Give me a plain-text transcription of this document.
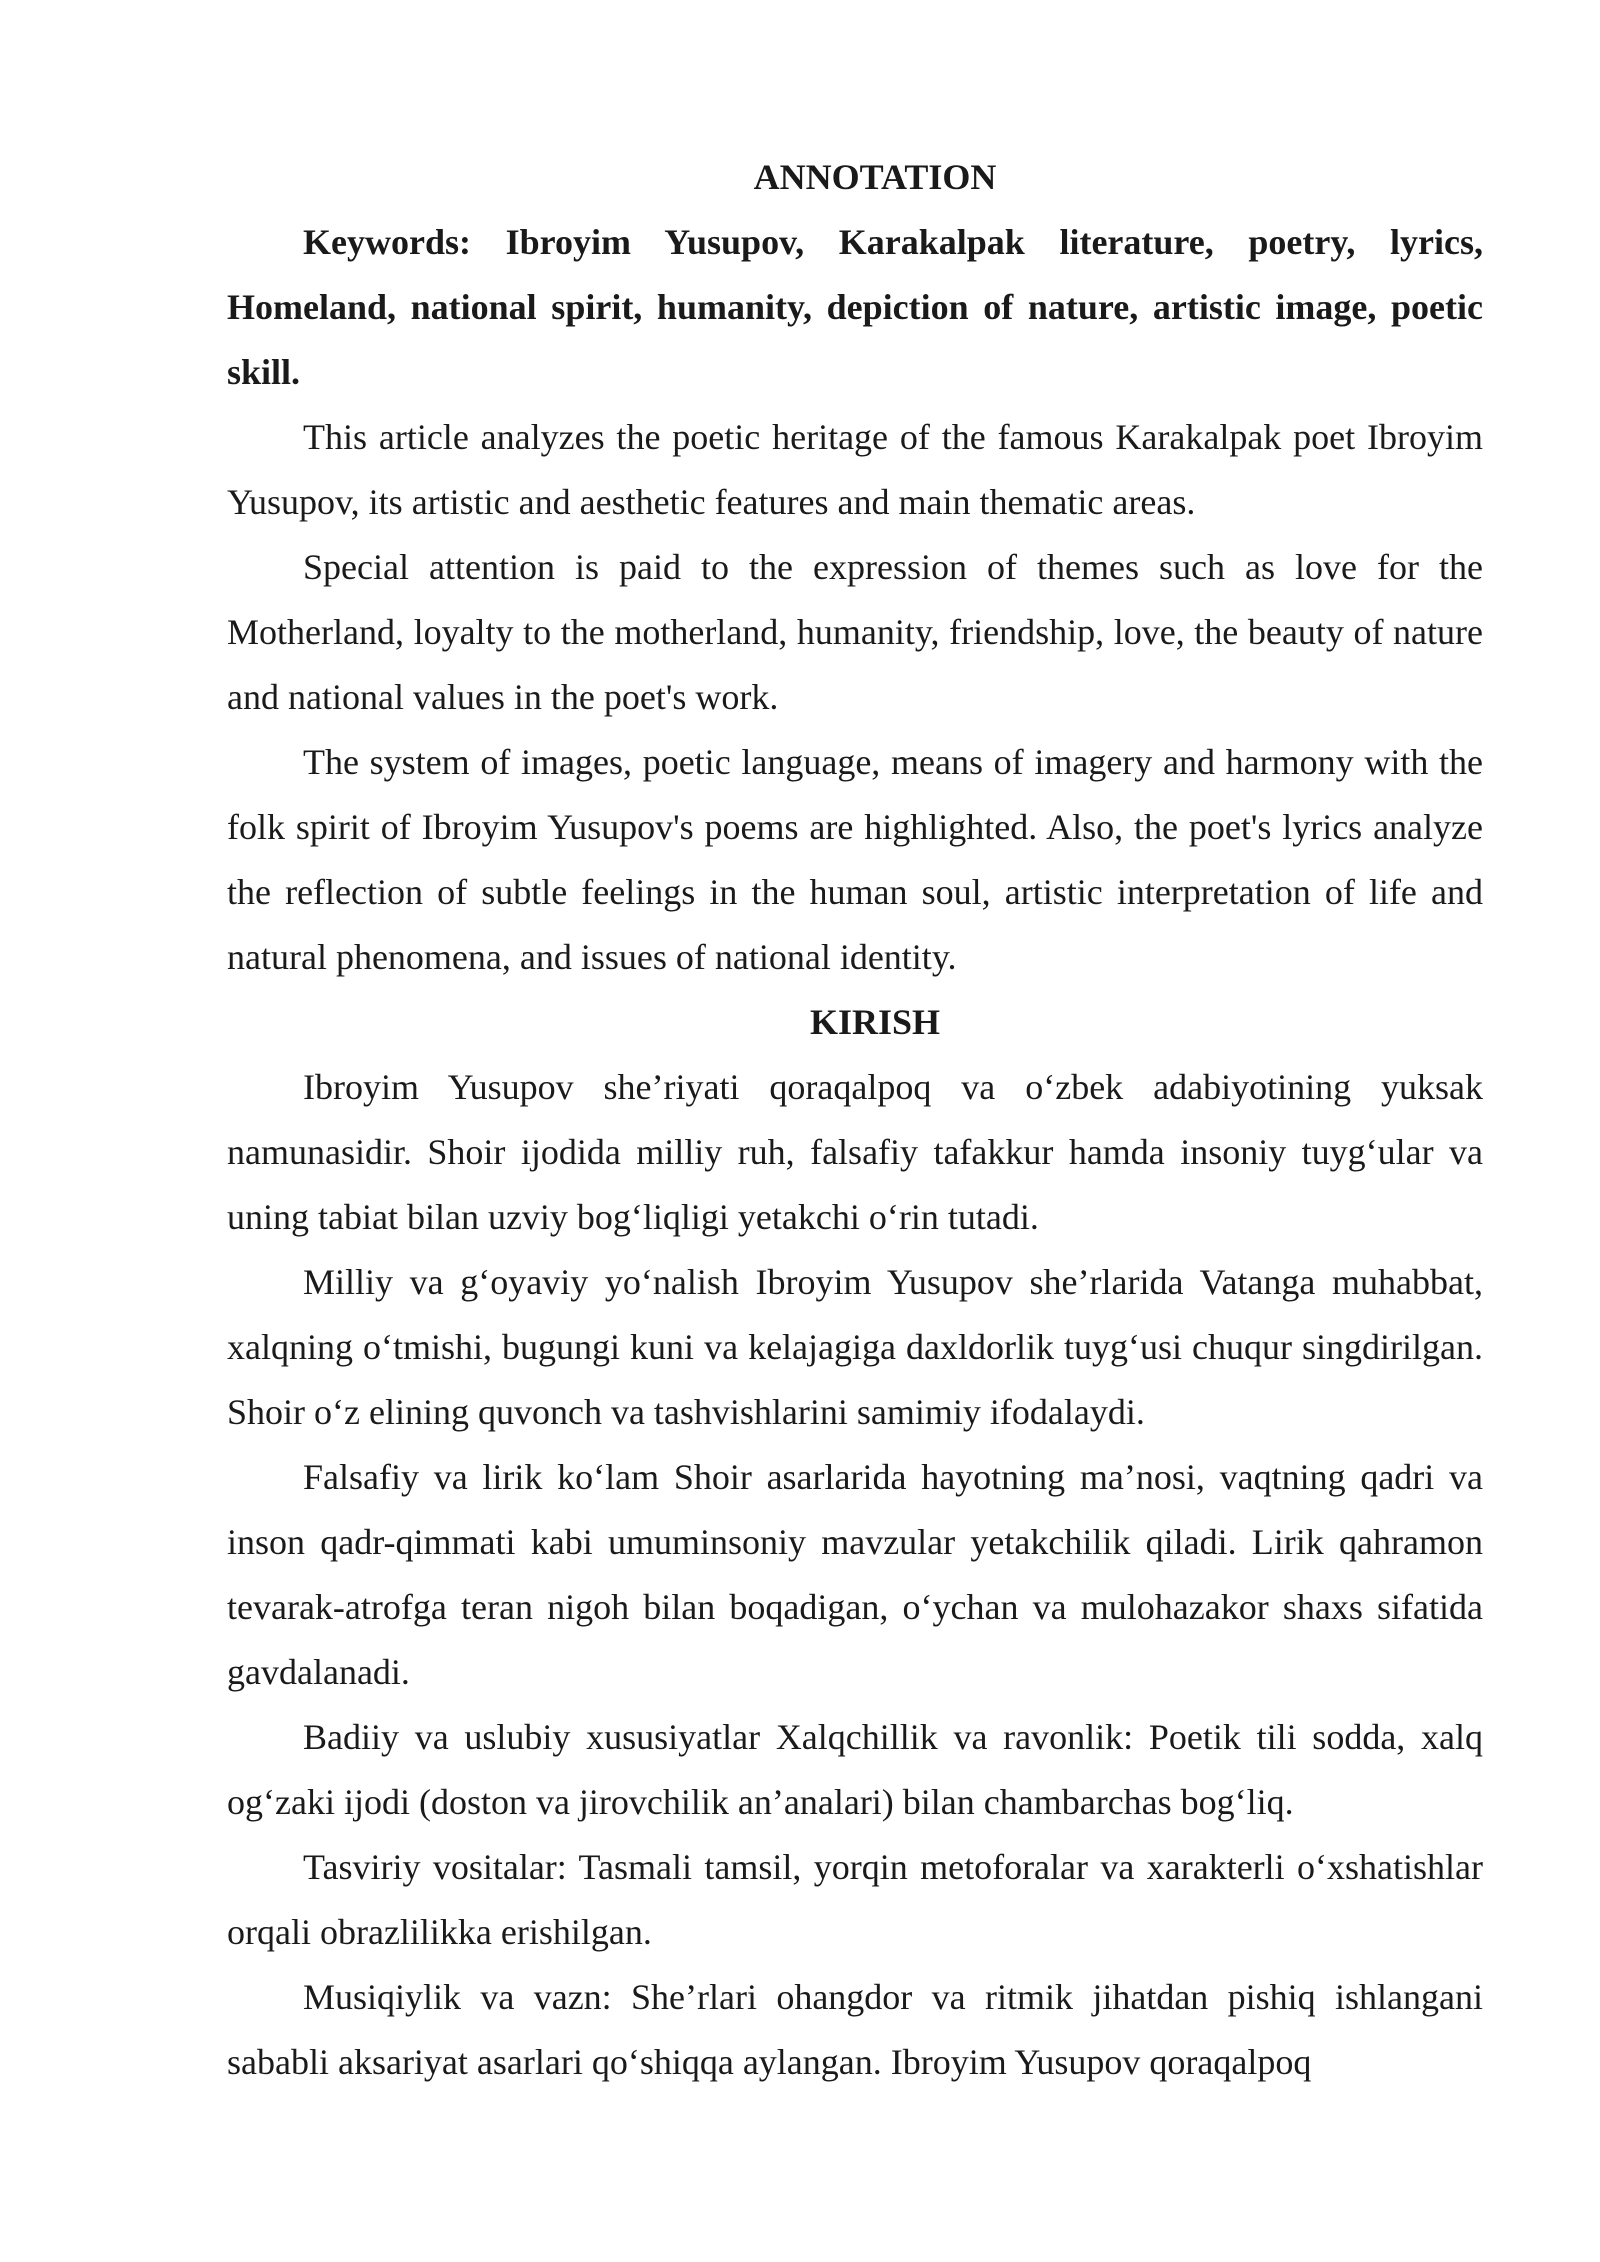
ANNOTATION

Keywords: Ibroyim Yusupov, Karakalpak literature, poetry, lyrics, Homeland, national spirit, humanity, depiction of nature, artistic image, poetic skill.

This article analyzes the poetic heritage of the famous Karakalpak poet Ibroyim Yusupov, its artistic and aesthetic features and main thematic areas.

Special attention is paid to the expression of themes such as love for the Motherland, loyalty to the motherland, humanity, friendship, love, the beauty of nature and national values in the poet's work.

The system of images, poetic language, means of imagery and harmony with the folk spirit of Ibroyim Yusupov's poems are highlighted. Also, the poet's lyrics analyze the reflection of subtle feelings in the human soul, artistic interpretation of life and natural phenomena, and issues of national identity.

KIRISH

Ibroyim Yusupov she’riyati qoraqalpoq va oʻzbek adabiyotining yuksak namunasidir. Shoir ijodida milliy ruh, falsafiy tafakkur hamda insoniy tuygʻular va uning tabiat bilan uzviy bogʻliqligi yetakchi oʻrin tutadi.

Milliy va gʻoyaviy yoʻnalish Ibroyim Yusupov she’rlarida Vatanga muhabbat, xalqning oʻtmishi, bugungi kuni va kelajagiga daxldorlik tuygʻusi chuqur singdirilgan. Shoir oʻz elining quvonch va tashvishlarini samimiy ifodalaydi.

Falsafiy va lirik koʻlam Shoir asarlarida hayotning ma’nosi, vaqtning qadri va inson qadr-qimmati kabi umuminsoniy mavzular yetakchilik qiladi. Lirik qahramon tevarak-atrofga teran nigoh bilan boqadigan, oʻychan va mulohazakor shaxs sifatida gavdalanadi.

Badiiy va uslubiy xususiyatlar Xalqchillik va ravonlik: Poetik tili sodda, xalq ogʻzaki ijodi (doston va jirovchilik an’analari) bilan chambarchas bogʻliq.

Tasviriy vositalar: Tasmali tamsil, yorqin metoforalar va xarakterli oʻxshatishlar orqali obrazlilikka erishilgan.

Musiqiylik va vazn: She’rlari ohangdor va ritmik jihatdan pishiq ishlangani sababli aksariyat asarlari qoʻshiqqa aylangan. Ibroyim Yusupov qoraqalpoq
